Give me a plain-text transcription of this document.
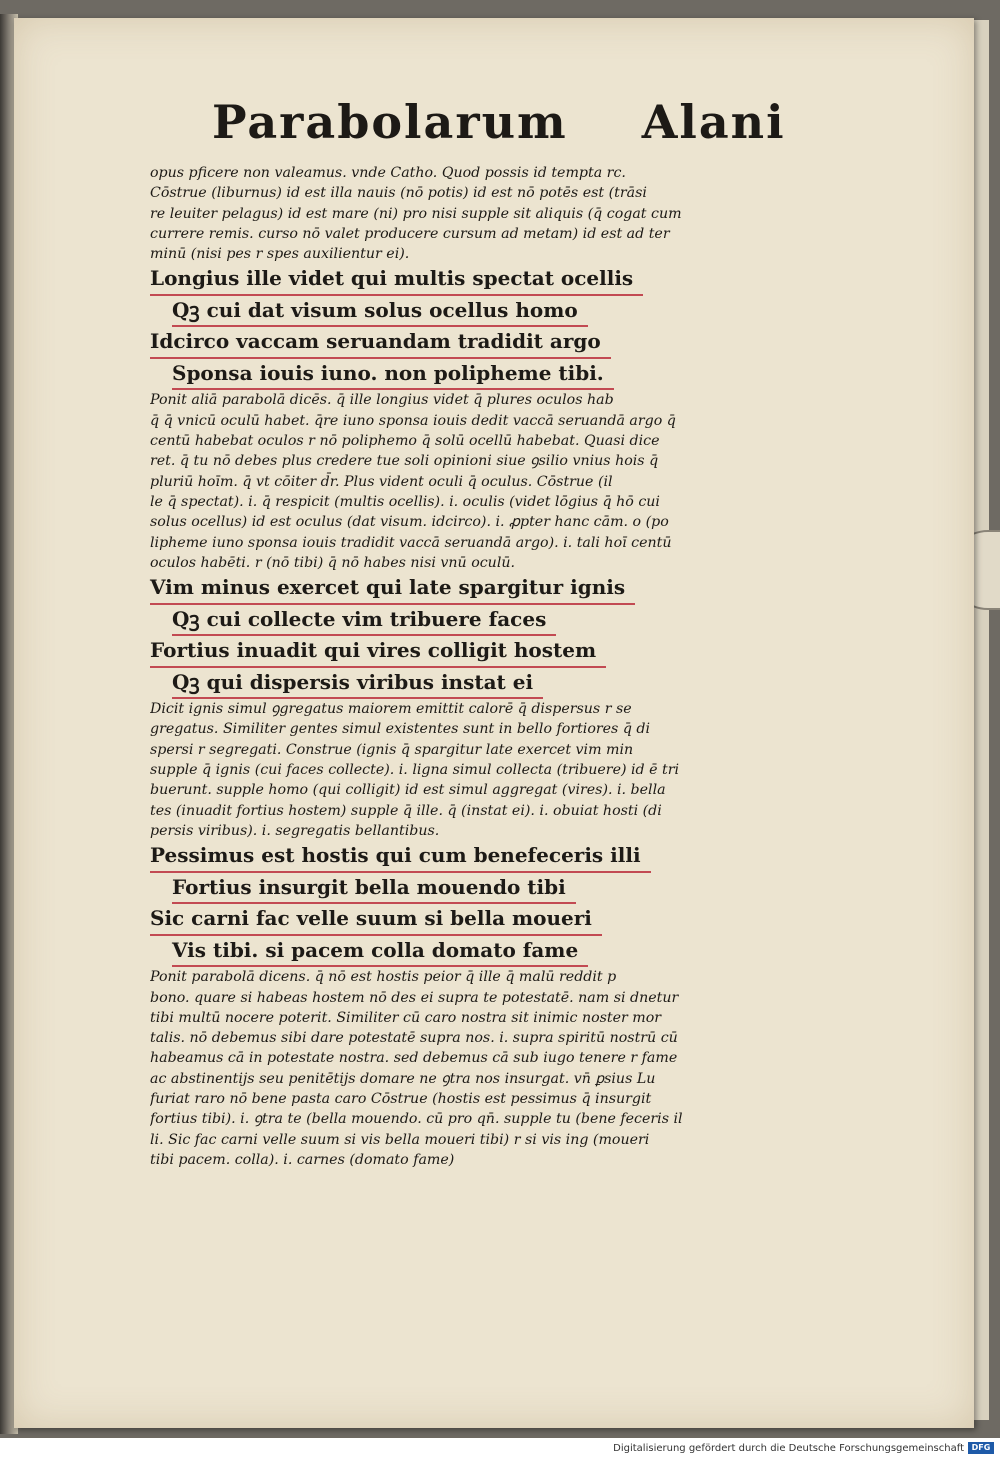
Parabolarum Alani
opus pficere non valeamus. vnde Catho. Quod possis id tempta rc.
Cōstrue (liburnus) id est illa nauis (nō potis) id est nō potēs est (trāsi
re leuiter pelagus) id est mare (ni) pro nisi supple sit aliquis (q̄ cogat cum
currere remis. curso nō valet producere cursum ad metam) id est ad ter
minū (nisi pes r spes auxilientur ei).
Longius ille videt qui multis spectat ocellis
Qꝫ cui dat visum solus ocellus homo
Idcirco vaccam seruandam tradidit argo
Sponsa iouis iuno. non polipheme tibi.
Ponit aliā parabolā dicēs. q̄ ille longius videt q̄ plures oculos hab
q̄ q̄ vnicū oculū habet. q̄re iuno sponsa iouis dedit vaccā seruandā argo q̄
centū habebat oculos r nō poliphemo q̄ solū ocellū habebat. Quasi dice
ret. q̄ tu nō debes plus credere tue soli opinioni siue ꝯsilio vnius hois q̄
pluriū hoīm. q̄ vt cōiter d̄r. Plus vident oculi q̄ oculus. Cōstrue (il
le q̄ spectat). i. q̄ respicit (multis ocellis). i. oculis (videt lōgius q̄ hō cui
solus ocellus) id est oculus (dat visum. idcirco). i. ꝓpter hanc cām. o (po
lipheme iuno sponsa iouis tradidit vaccā seruandā argo). i. tali hoī centū
oculos habēti. r (nō tibi) q̄ nō habes nisi vnū oculū.
Vim minus exercet qui late spargitur ignis
Qꝫ cui collecte vim tribuere faces
Fortius inuadit qui vires colligit hostem
Qꝫ qui dispersis viribus instat ei
Dicit ignis simul ꝯgregatus maiorem emittit calorē q̄ dispersus r se
gregatus. Similiter gentes simul existentes sunt in bello fortiores q̄ di
spersi r segregati. Construe (ignis q̄ spargitur late exercet vim min
supple q̄ ignis (cui faces collecte). i. ligna simul collecta (tribuere) id ē tri
buerunt. supple homo (qui colligit) id est simul aggregat (vires). i. bella
tes (inuadit fortius hostem) supple q̄ ille. q̄ (instat ei). i. obuiat hosti (di
persis viribus). i. segregatis bellantibus.
Pessimus est hostis qui cum benefeceris illi
Fortius insurgit bella mouendo tibi
Sic carni fac velle suum si bella moueri
Vis tibi. si pacem colla domato fame
Ponit parabolā dicens. q̄ nō est hostis peior q̄ ille q̄ malū reddit p
bono. quare si habeas hostem nō des ei supra te potestatē. nam si dnetur
tibi multū nocere poterit. Similiter cū caro nostra sit inimic noster mor
talis. nō debemus sibi dare potestatē supra nos. i. supra spiritū nostrū cū
habeamus cā in potestate nostra. sed debemus cā sub iugo tenere r fame
ac abstinentijs seu penitētijs domare ne ꝯtra nos insurgat. vn̄ ꝑsius Lu
furiat raro nō bene pasta caro Cōstrue (hostis est pessimus q̄ insurgit
fortius tibi). i. ꝯtra te (bella mouendo. cū pro qn̄. supple tu (bene feceris il
li. Sic fac carni velle suum si vis bella moueri tibi) r si vis ing (moueri
tibi pacem. colla). i. carnes (domato fame)
Digitalisierung gefördert durch die Deutsche Forschungsgemeinschaft DFG
